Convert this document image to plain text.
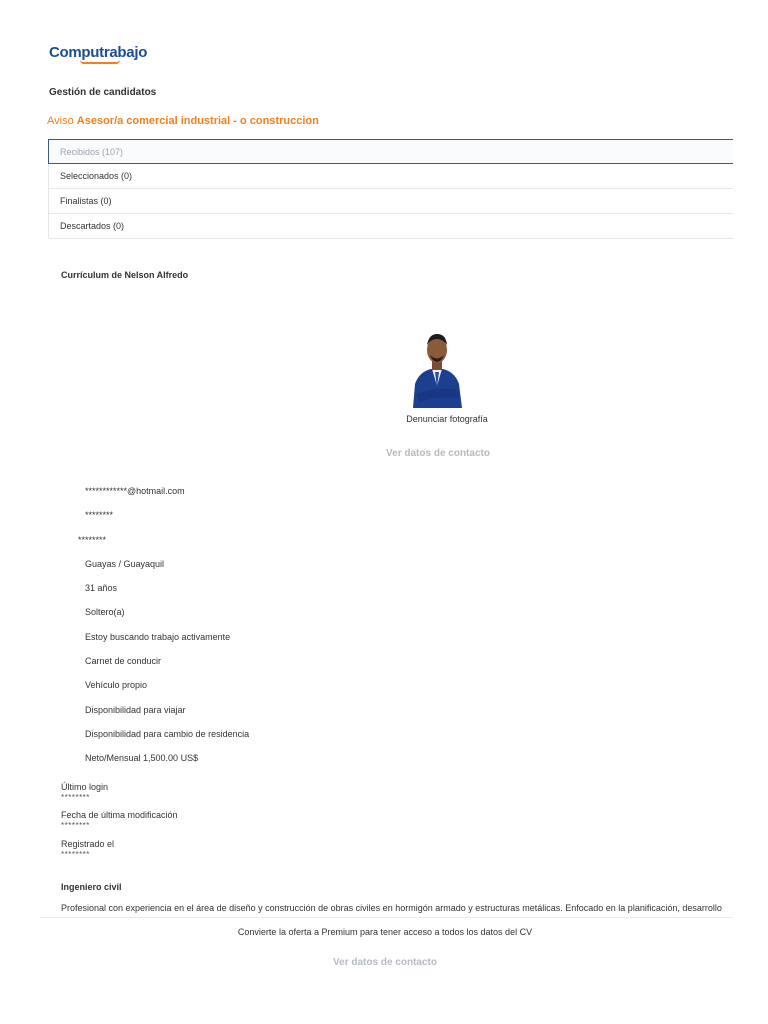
Computrabajo
Gestión de candidatos
Aviso Asesor/a comercial industrial - o construccion
Recibidos (107)
Seleccionados (0)
Finalistas (0)
Descartados (0)
Currículum de Nelson Alfredo
Denunciar fotografía
Ver datos de contacto
************@hotmail.com
********
********
Guayas / Guayaquil
31 años
Soltero(a)
Estoy buscando trabajo activamente
Carnet de conducir
Vehículo propio
Disponibilidad para viajar
Disponibilidad para cambio de residencia
Neto/Mensual 1,500.00 US$
Último login
********
Fecha de última modificación
********
Registrado el
********
Ingeniero civil
Profesional con experiencia en el área de diseño y construcción de obras civiles en hormigón armado y estructuras metálicas. Enfocado en la planificación, desarrollo
Convierte la oferta a Premium para tener acceso a todos los datos del CV
Ver datos de contacto
